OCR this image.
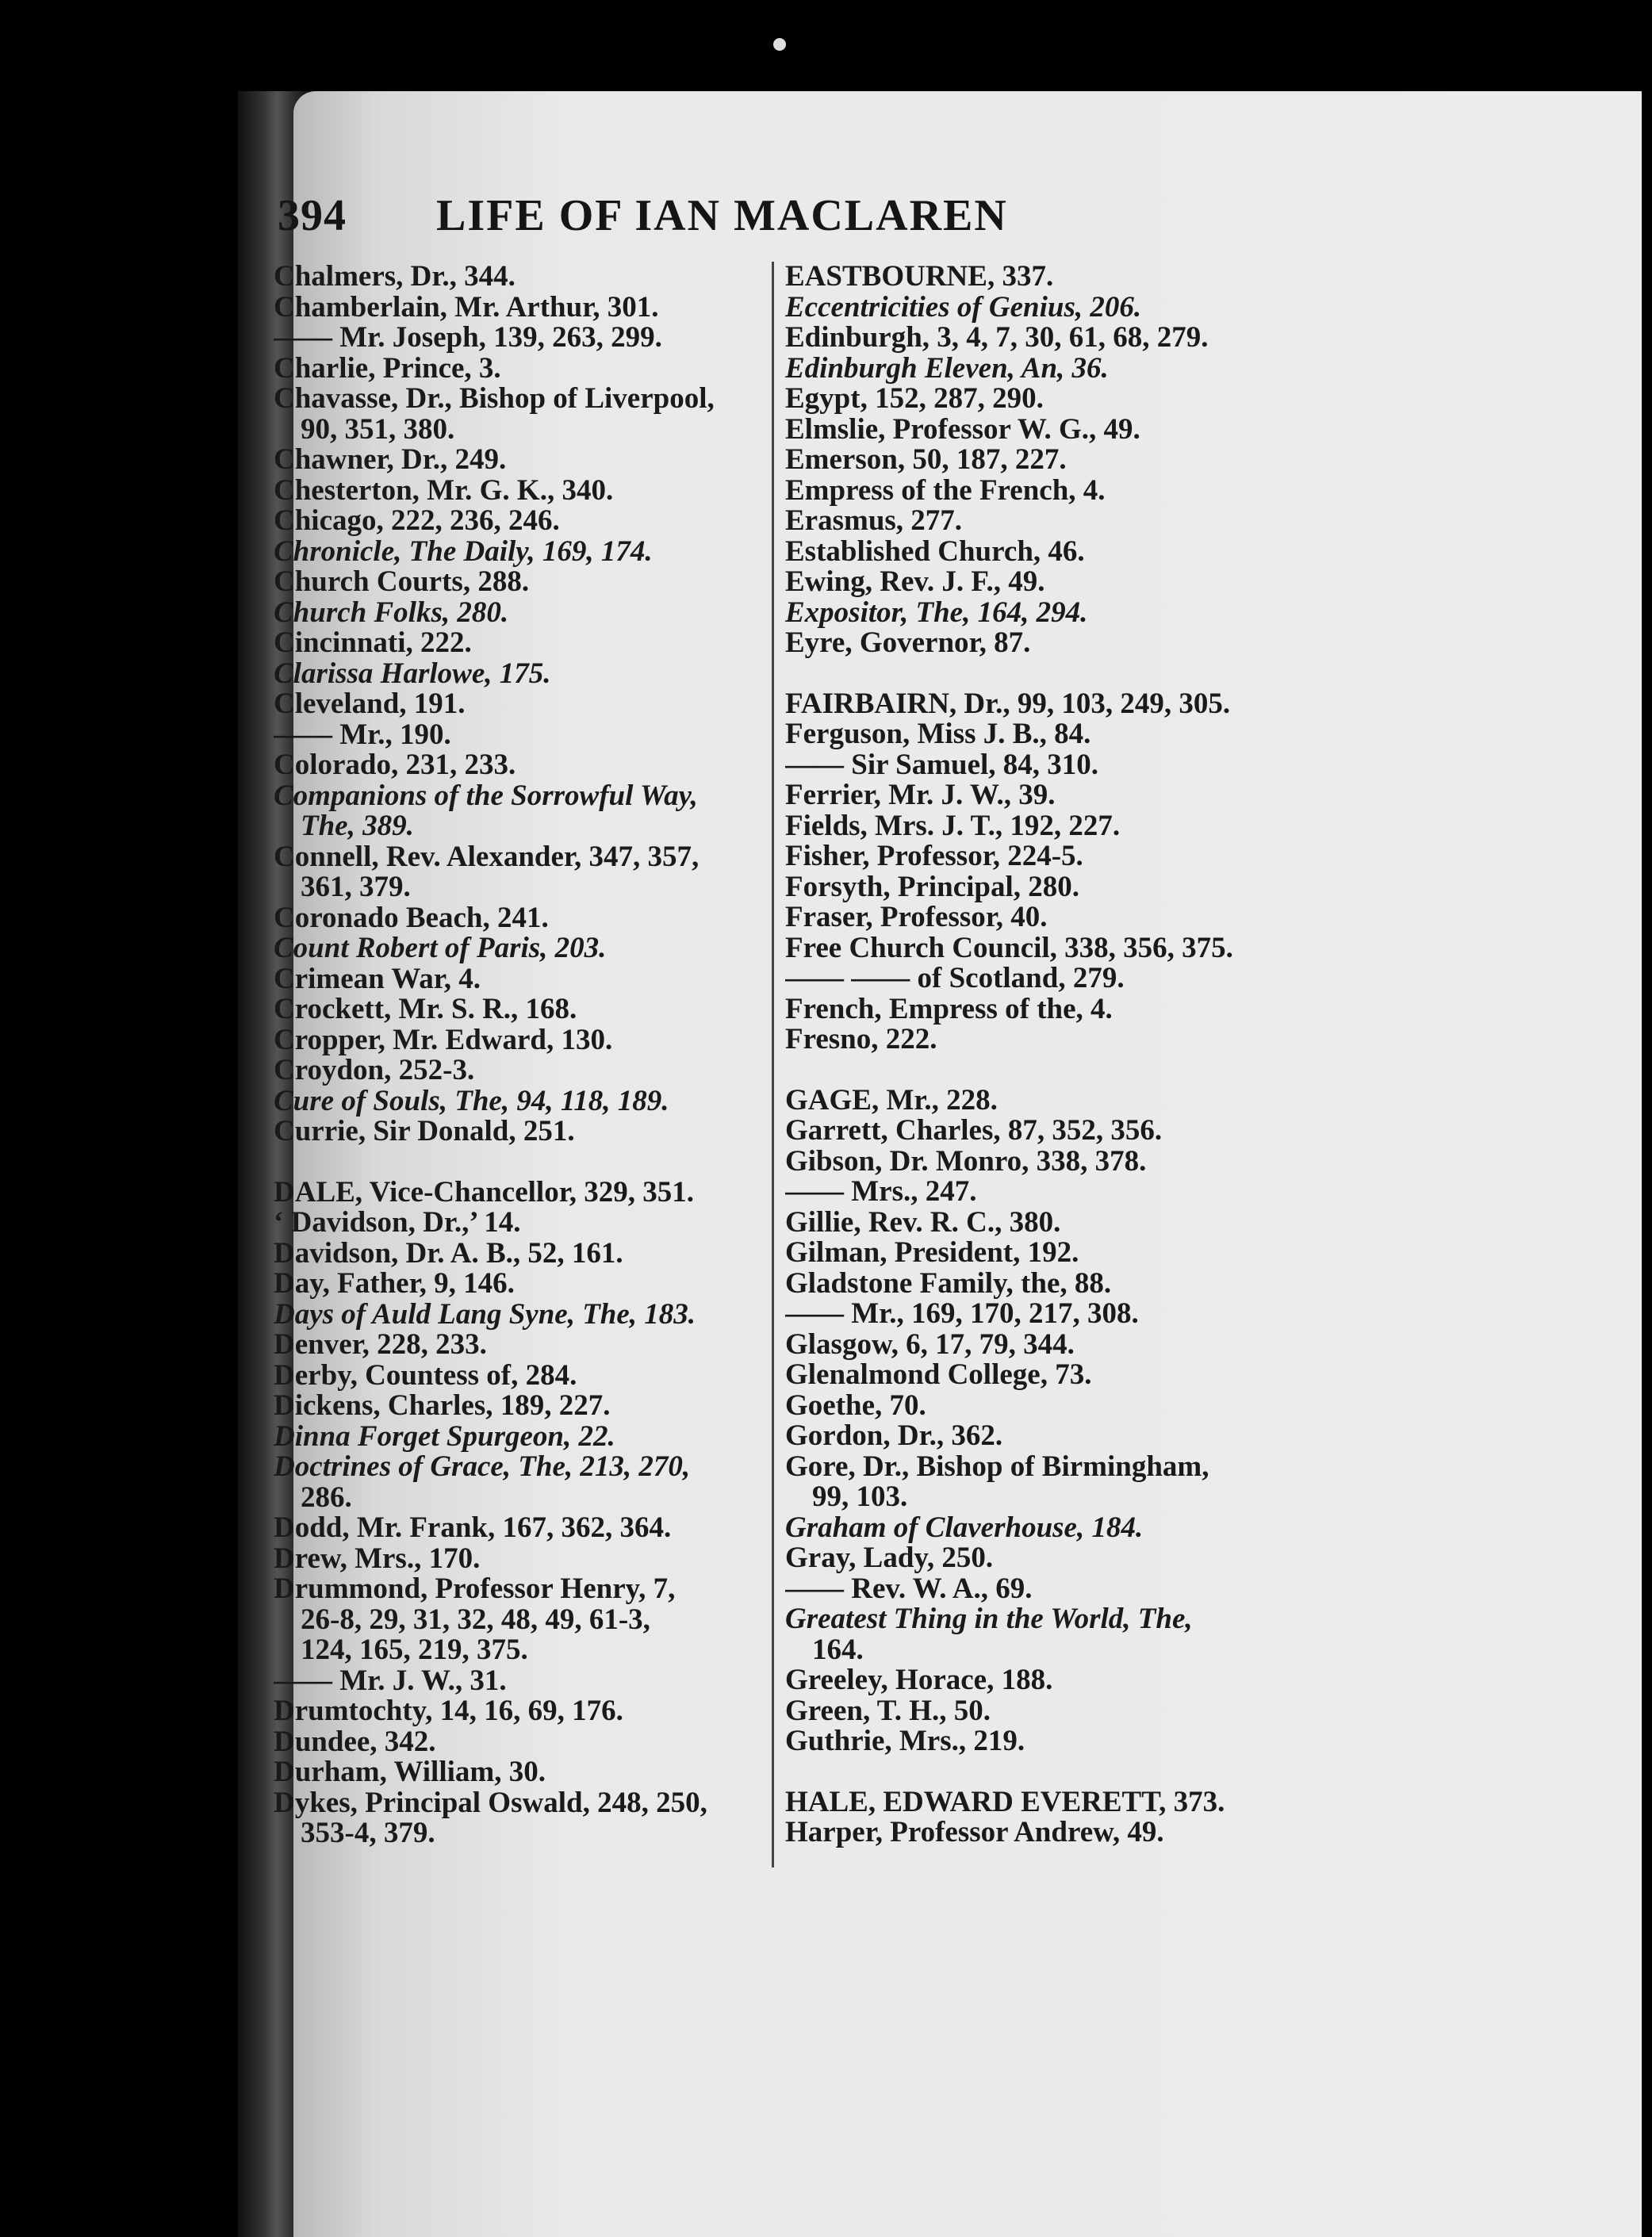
394 LIFE OF IAN MACLAREN
Chalmers, Dr., 344.
Chamberlain, Mr. Arthur, 301.
—— Mr. Joseph, 139, 263, 299.
Charlie, Prince, 3.
Chavasse, Dr., Bishop of Liverpool,
90, 351, 380.
Chawner, Dr., 249.
Chesterton, Mr. G. K., 340.
Chicago, 222, 236, 246.
Chronicle, The Daily, 169, 174.
Church Courts, 288.
Church Folks, 280.
Cincinnati, 222.
Clarissa Harlowe, 175.
Cleveland, 191.
—— Mr., 190.
Colorado, 231, 233.
Companions of the Sorrowful Way,
The, 389.
Connell, Rev. Alexander, 347, 357,
361, 379.
Coronado Beach, 241.
Count Robert of Paris, 203.
Crimean War, 4.
Crockett, Mr. S. R., 168.
Cropper, Mr. Edward, 130.
Croydon, 252-3.
Cure of Souls, The, 94, 118, 189.
Currie, Sir Donald, 251.
DALE, Vice-Chancellor, 329, 351.
‘ Davidson, Dr.,’ 14.
Davidson, Dr. A. B., 52, 161.
Day, Father, 9, 146.
Days of Auld Lang Syne, The, 183.
Denver, 228, 233.
Derby, Countess of, 284.
Dickens, Charles, 189, 227.
Dinna Forget Spurgeon, 22.
Doctrines of Grace, The, 213, 270,
286.
Dodd, Mr. Frank, 167, 362, 364.
Drew, Mrs., 170.
Drummond, Professor Henry, 7,
26-8, 29, 31, 32, 48, 49, 61-3,
124, 165, 219, 375.
—— Mr. J. W., 31.
Drumtochty, 14, 16, 69, 176.
Dundee, 342.
Durham, William, 30.
Dykes, Principal Oswald, 248, 250,
353-4, 379.
EASTBOURNE, 337.
Eccentricities of Genius, 206.
Edinburgh, 3, 4, 7, 30, 61, 68, 279.
Edinburgh Eleven, An, 36.
Egypt, 152, 287, 290.
Elmslie, Professor W. G., 49.
Emerson, 50, 187, 227.
Empress of the French, 4.
Erasmus, 277.
Established Church, 46.
Ewing, Rev. J. F., 49.
Expositor, The, 164, 294.
Eyre, Governor, 87.
FAIRBAIRN, Dr., 99, 103, 249, 305.
Ferguson, Miss J. B., 84.
—— Sir Samuel, 84, 310.
Ferrier, Mr. J. W., 39.
Fields, Mrs. J. T., 192, 227.
Fisher, Professor, 224-5.
Forsyth, Principal, 280.
Fraser, Professor, 40.
Free Church Council, 338, 356, 375.
—— —— of Scotland, 279.
French, Empress of the, 4.
Fresno, 222.
GAGE, Mr., 228.
Garrett, Charles, 87, 352, 356.
Gibson, Dr. Monro, 338, 378.
—— Mrs., 247.
Gillie, Rev. R. C., 380.
Gilman, President, 192.
Gladstone Family, the, 88.
—— Mr., 169, 170, 217, 308.
Glasgow, 6, 17, 79, 344.
Glenalmond College, 73.
Goethe, 70.
Gordon, Dr., 362.
Gore, Dr., Bishop of Birmingham,
99, 103.
Graham of Claverhouse, 184.
Gray, Lady, 250.
—— Rev. W. A., 69.
Greatest Thing in the World, The,
164.
Greeley, Horace, 188.
Green, T. H., 50.
Guthrie, Mrs., 219.
HALE, EDWARD EVERETT, 373.
Harper, Professor Andrew, 49.
